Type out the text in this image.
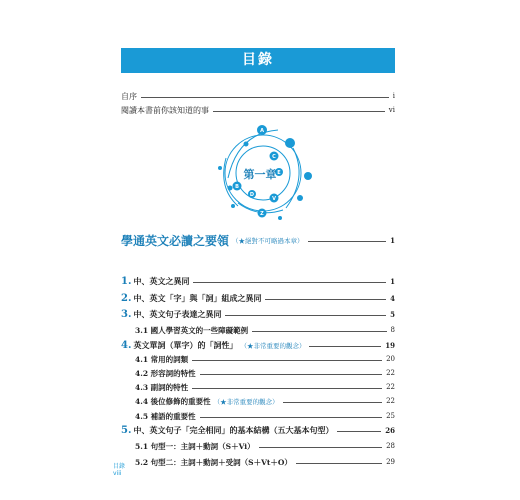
目錄
自序	i
閱讀本書前你該知道的事	vi
A
B
C
D
E
V
Z
第一章
學通英文必讀之要領 （★絕對不可略過本章）	1
1. 中、英文之異同	1
2. 中、英文「字」與「詞」組成之異同	4
3. 中、英文句子表達之異同	5
3.1 國人學習英文的一些障礙範例	8
4. 英文單詞（單字）的「詞性」 （★非常重要的觀念）	19
4.1 常用的詞類	20
4.2 形容詞的特性	22
4.3 副詞的特性	22
4.4 後位修飾的重要性 （★非常重要的觀念）	22
4.5 補語的重要性	25
5. 中、英文句子「完全相同」的基本結構（五大基本句型）	26
5.1 句型一：主詞＋動詞（S＋Vi）	28
5.2 句型二：主詞＋動詞＋受詞（S＋Vt＋O）	29
目錄
viii
